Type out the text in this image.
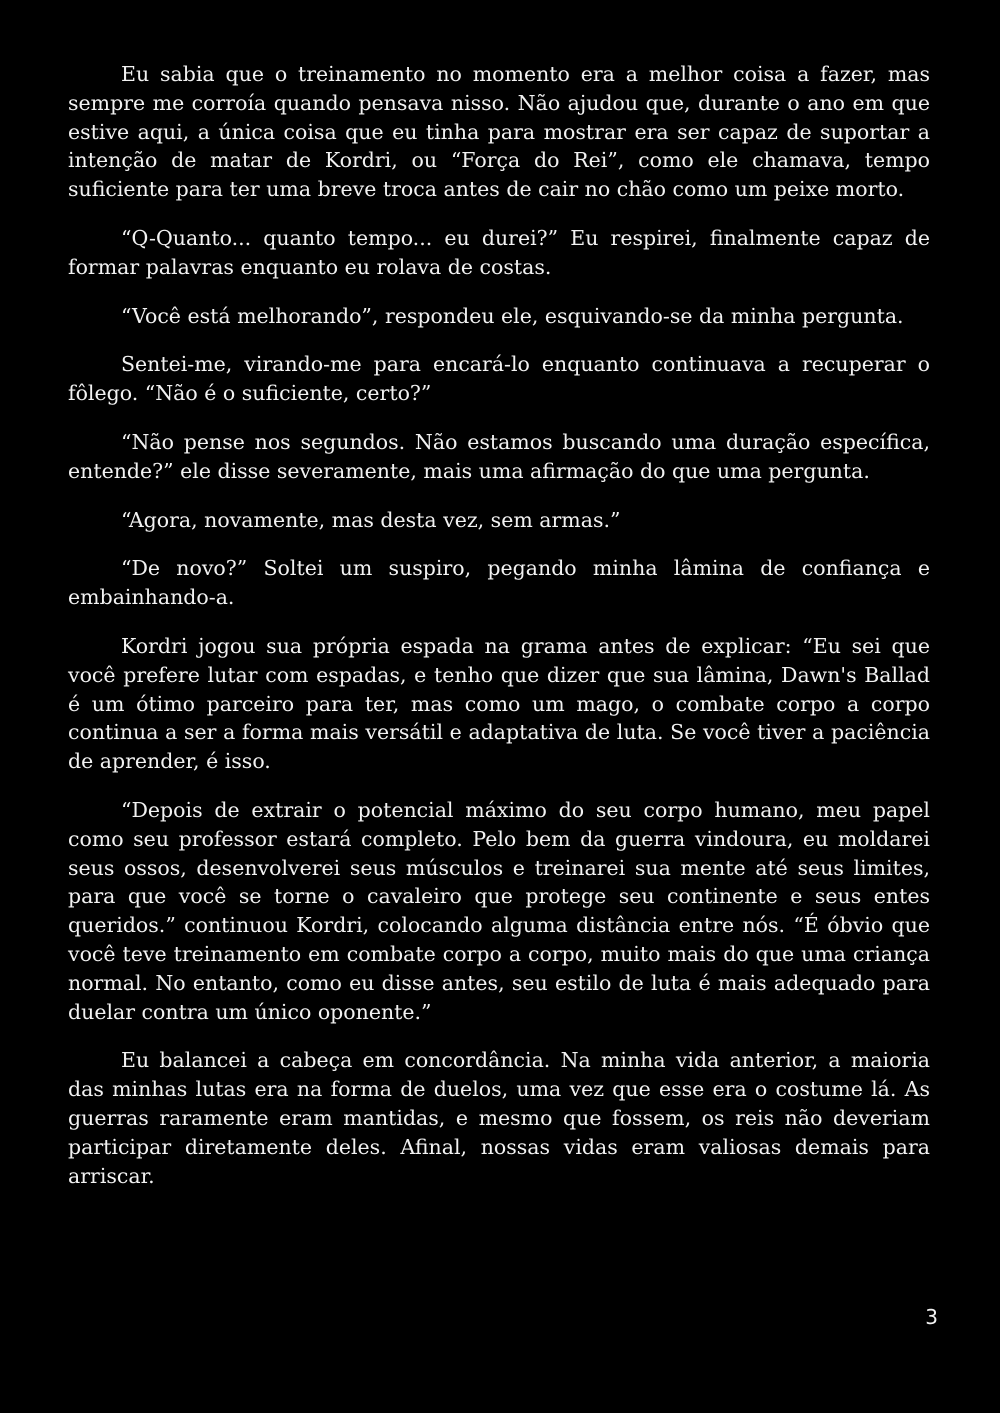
Eu sabia que o treinamento no momento era a melhor coisa a fazer, mas sempre me corroía quando pensava nisso. Não ajudou que, durante o ano em que estive aqui, a única coisa que eu tinha para mostrar era ser capaz de suportar a intenção de matar de Kordri, ou “Força do Rei”, como ele chamava, tempo suficiente para ter uma breve troca antes de cair no chão como um peixe morto.

“Q-Quanto... quanto tempo... eu durei?” Eu respirei, finalmente capaz de formar palavras enquanto eu rolava de costas.

“Você está melhorando”, respondeu ele, esquivando-se da minha pergunta.

Sentei-me, virando-me para encará-lo enquanto continuava a recuperar o fôlego. “Não é o suficiente, certo?”

“Não pense nos segundos. Não estamos buscando uma duração específica, entende?” ele disse severamente, mais uma afirmação do que uma pergunta.

“Agora, novamente, mas desta vez, sem armas.”

“De novo?” Soltei um suspiro, pegando minha lâmina de confiança e embainhando-a.

Kordri jogou sua própria espada na grama antes de explicar: “Eu sei que você prefere lutar com espadas, e tenho que dizer que sua lâmina, Dawn's Ballad é um ótimo parceiro para ter, mas como um mago, o combate corpo a corpo continua a ser a forma mais versátil e adaptativa de luta. Se você tiver a paciência de aprender, é isso.

“Depois de extrair o potencial máximo do seu corpo humano, meu papel como seu professor estará completo. Pelo bem da guerra vindoura, eu moldarei seus ossos, desenvolverei seus músculos e treinarei sua mente até seus limites, para que você se torne o cavaleiro que protege seu continente e seus entes queridos.” continuou Kordri, colocando alguma distância entre nós. “É óbvio que você teve treinamento em combate corpo a corpo, muito mais do que uma criança normal. No entanto, como eu disse antes, seu estilo de luta é mais adequado para duelar contra um único oponente.”

Eu balancei a cabeça em concordância. Na minha vida anterior, a maioria das minhas lutas era na forma de duelos, uma vez que esse era o costume lá. As guerras raramente eram mantidas, e mesmo que fossem, os reis não deveriam participar diretamente deles. Afinal, nossas vidas eram valiosas demais para arriscar.

3
